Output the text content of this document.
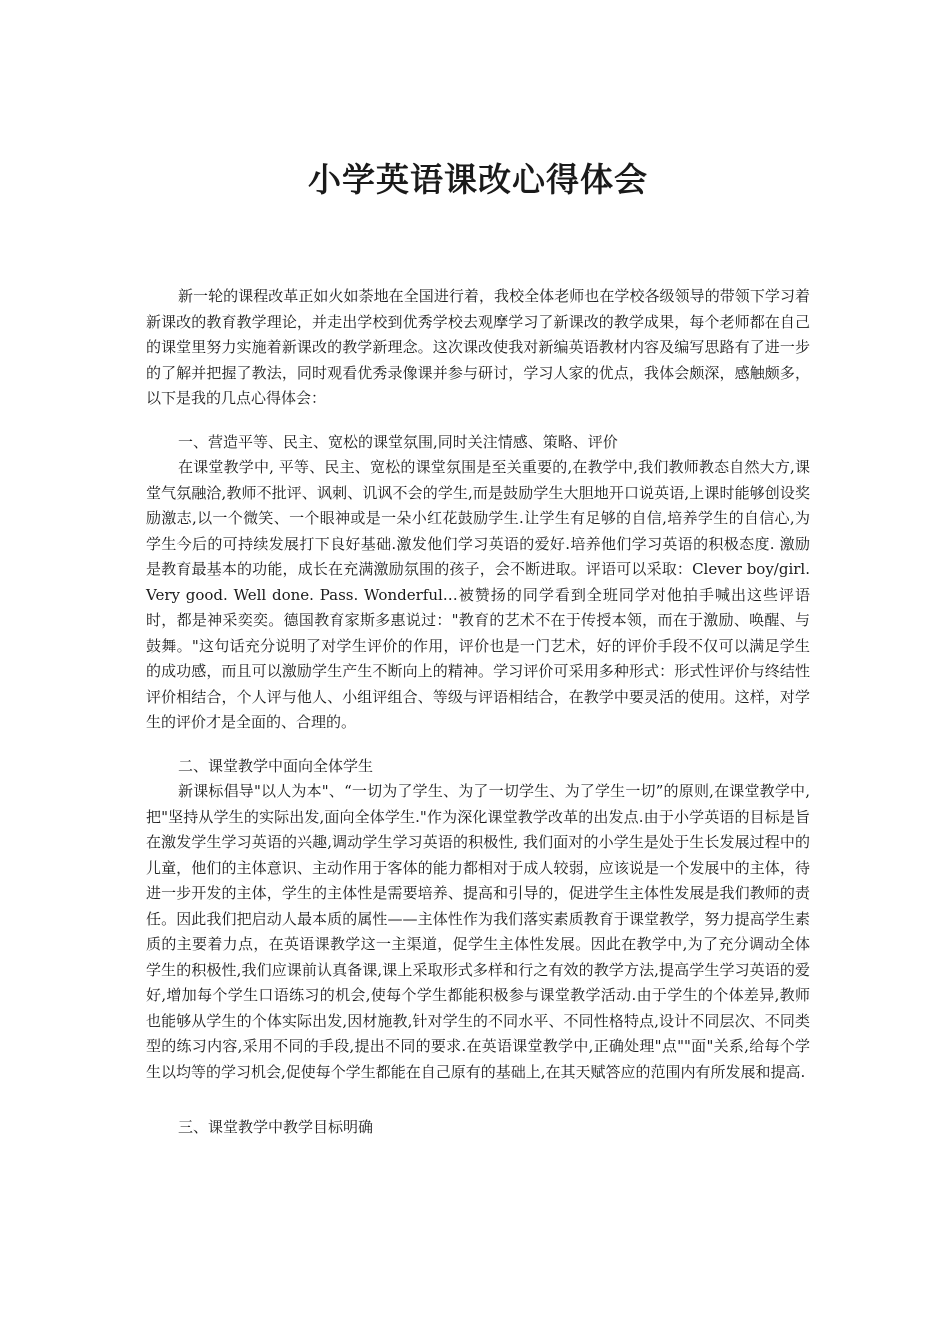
小学英语课改心得体会

新一轮的课程改革正如火如荼地在全国进行着，我校全体老师也在学校各级领导的带领下学习着新课改的教育教学理论，并走出学校到优秀学校去观摩学习了新课改的教学成果，每个老师都在自己的课堂里努力实施着新课改的教学新理念。这次课改使我对新编英语教材内容及编写思路有了进一步的了解并把握了教法，同时观看优秀录像课并参与研讨，学习人家的优点，我体会颇深，感触颇多，以下是我的几点心得体会：

一、营造平等、民主、宽松的课堂氛围,同时关注情感、策略、评价

在课堂教学中, 平等、民主、宽松的课堂氛围是至关重要的,在教学中,我们教师教态自然大方,课堂气氛融洽,教师不批评、讽刺、讥讽不会的学生,而是鼓励学生大胆地开口说英语,上课时能够创设奖励激志,以一个微笑、一个眼神或是一朵小红花鼓励学生.让学生有足够的自信,培养学生的自信心,为学生今后的可持续发展打下良好基础.激发他们学习英语的爱好.培养他们学习英语的积极态度. 激励是教育最基本的功能，成长在充满激励氛围的孩子，会不断进取。评语可以采取：Clever boy/girl. Very good. Well done. Pass. Wonderful…被赞扬的同学看到全班同学对他拍手喊出这些评语时，都是神采奕奕。德国教育家斯多惠说过："教育的艺术不在于传授本领，而在于激励、唤醒、与鼓舞。"这句话充分说明了对学生评价的作用，评价也是一门艺术，好的评价手段不仅可以满足学生的成功感，而且可以激励学生产生不断向上的精神。学习评价可采用多种形式：形式性评价与终结性评价相结合，个人评与他人、小组评组合、等级与评语相结合，在教学中要灵活的使用。这样，对学生的评价才是全面的、合理的。

二、课堂教学中面向全体学生

新课标倡导"以人为本"、“一切为了学生、为了一切学生、为了学生一切”的原则,在课堂教学中,把"坚持从学生的实际出发,面向全体学生."作为深化课堂教学改革的出发点.由于小学英语的目标是旨在激发学生学习英语的兴趣,调动学生学习英语的积极性, 我们面对的小学生是处于生长发展过程中的儿童，他们的主体意识、主动作用于客体的能力都相对于成人较弱，应该说是一个发展中的主体，待进一步开发的主体，学生的主体性是需要培养、提高和引导的，促进学生主体性发展是我们教师的责任。因此我们把启动人最本质的属性——主体性作为我们落实素质教育于课堂教学，努力提高学生素质的主要着力点，在英语课教学这一主渠道，促学生主体性发展。因此在教学中,为了充分调动全体学生的积极性,我们应课前认真备课,课上采取形式多样和行之有效的教学方法,提高学生学习英语的爱好,增加每个学生口语练习的机会,使每个学生都能积极参与课堂教学活动.由于学生的个体差异,教师也能够从学生的个体实际出发,因材施教,针对学生的不同水平、不同性格特点,设计不同层次、不同类型的练习内容,采用不同的手段,提出不同的要求.在英语课堂教学中,正确处理"点""面"关系,给每个学生以均等的学习机会,促使每个学生都能在自己原有的基础上,在其天赋答应的范围内有所发展和提高.

三、课堂教学中教学目标明确
